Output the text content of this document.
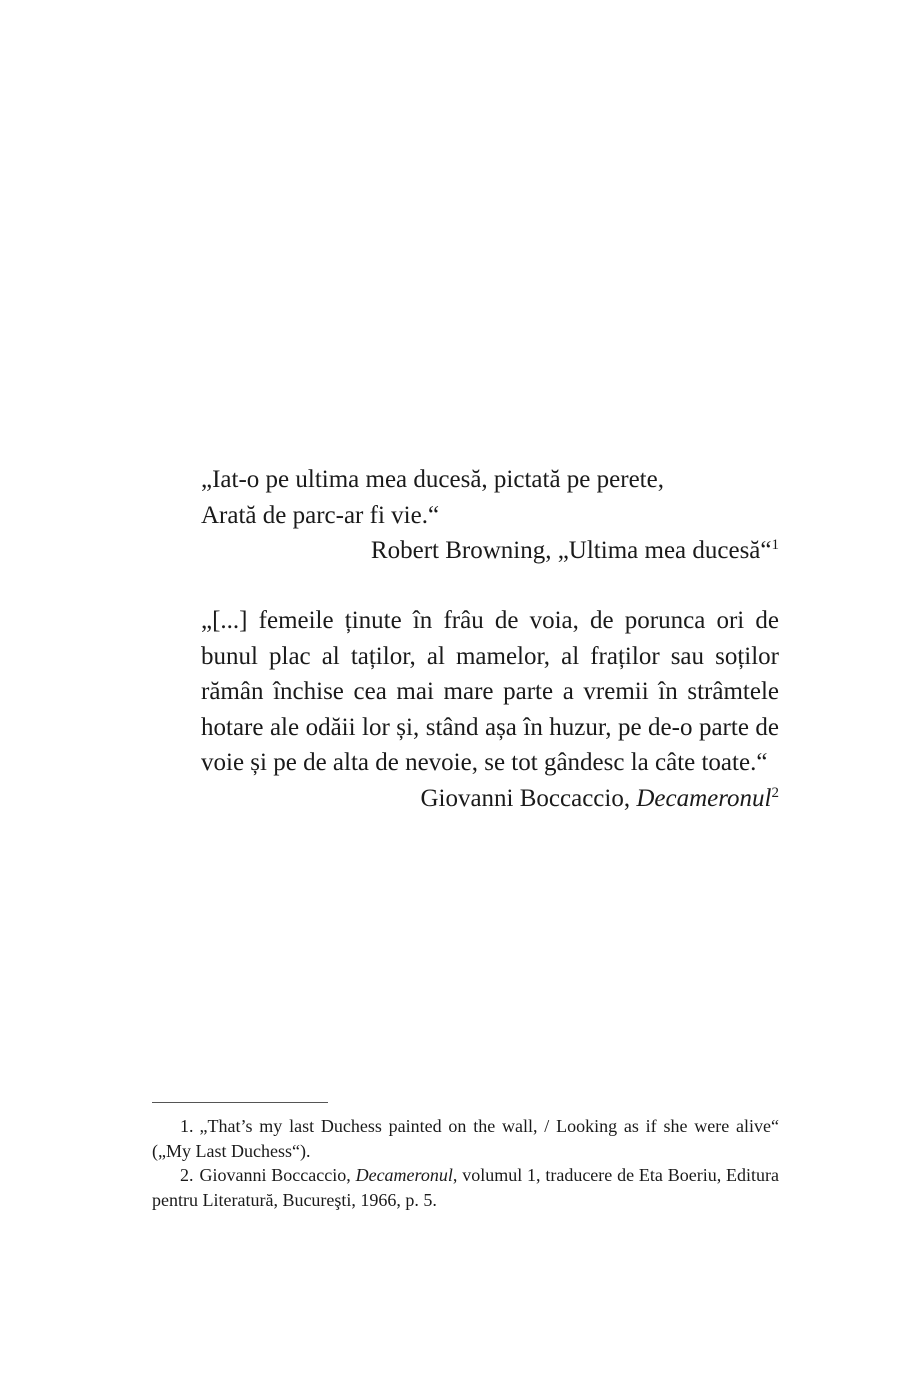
„Iat-o pe ultima mea ducesă, pictată pe perete,

Arată de parc-ar fi vie.“

Robert Browning, „Ultima mea ducesă“$^1$

„[...] femeile ținute în frâu de voia, de porunca ori de bunul plac al taților, al mamelor, al fraților sau soților rămân închise cea mai mare parte a vremii în strâmtele hotare ale odăii lor și, stând așa în huzur, pe de-o parte de voie și pe de alta de nevoie, se tot gândesc la câte toate.“

Giovanni Boccaccio, Decameronul$^2$

1. „That’s my last Duchess painted on the wall, / Looking as if she were alive“ („My Last Duchess“).

2. Giovanni Boccaccio, Decameronul, volumul 1, traducere de Eta Boeriu, Editura pentru Literatură, Bucureşti, 1966, p. 5.
